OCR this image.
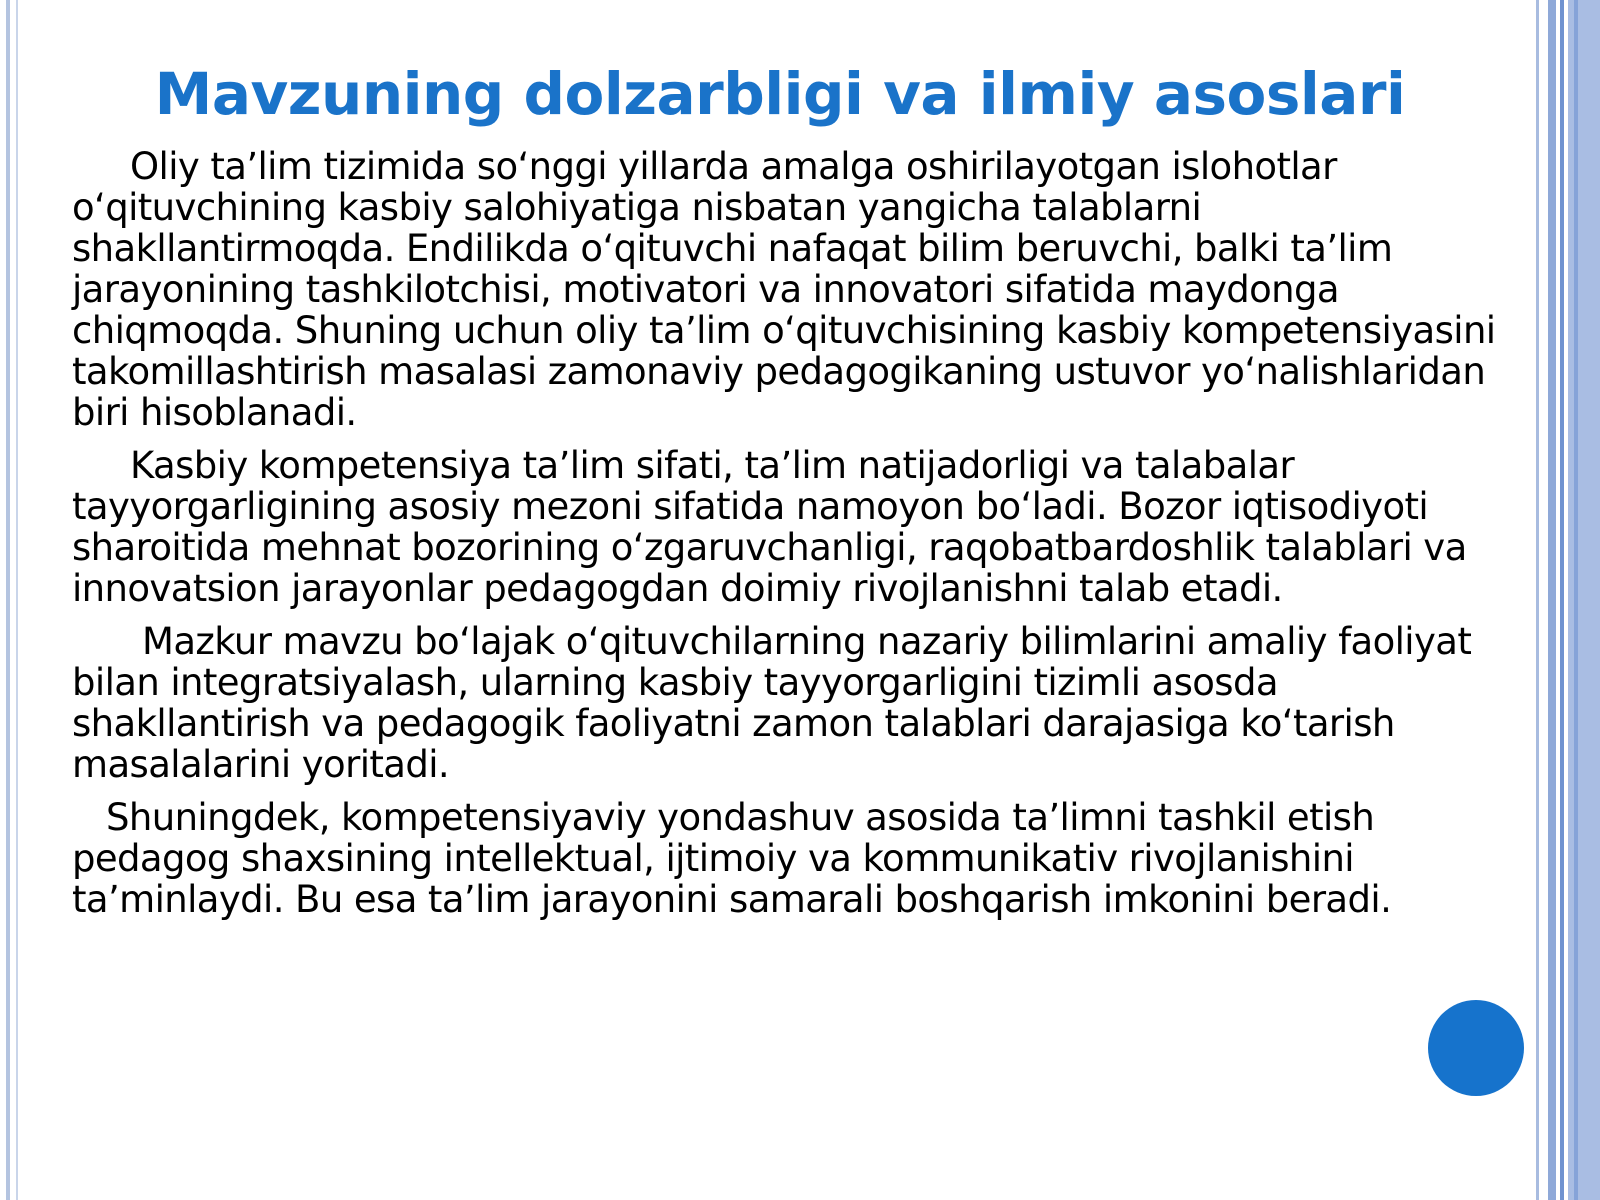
Mavzuning dolzarbligi va ilmiy asoslari

Oliy ta’lim tizimida so‘nggi yillarda amalga oshirilayotgan islohotlar o‘qituvchining kasbiy salohiyatiga nisbatan yangicha talablarni shakllantirmoqda. Endilikda o‘qituvchi nafaqat bilim beruvchi, balki ta’lim jarayonining tashkilotchisi, motivatori va innovatori sifatida maydonga chiqmoqda. Shuning uchun oliy ta’lim o‘qituvchisining kasbiy kompetensiyasini takomillashtirish masalasi zamonaviy pedagogikaning ustuvor yo‘nalishlaridan biri hisoblanadi.

Kasbiy kompetensiya ta’lim sifati, ta’lim natijadorligi va talabalar tayyorgarligining asosiy mezoni sifatida namoyon bo‘ladi. Bozor iqtisodiyoti sharoitida mehnat bozorining o‘zgaruvchanligi, raqobatbardoshlik talablari va innovatsion jarayonlar pedagogdan doimiy rivojlanishni talab etadi.

Mazkur mavzu bo‘lajak o‘qituvchilarning nazariy bilimlarini amaliy faoliyat bilan integratsiyalash, ularning kasbiy tayyorgarligini tizimli asosda shakllantirish va pedagogik faoliyatni zamon talablari darajasiga ko‘tarish masalalarini yoritadi.

Shuningdek, kompetensiyaviy yondashuv asosida ta’limni tashkil etish pedagog shaxsining intellektual, ijtimoiy va kommunikativ rivojlanishini ta’minlaydi. Bu esa ta’lim jarayonini samarali boshqarish imkonini beradi.
